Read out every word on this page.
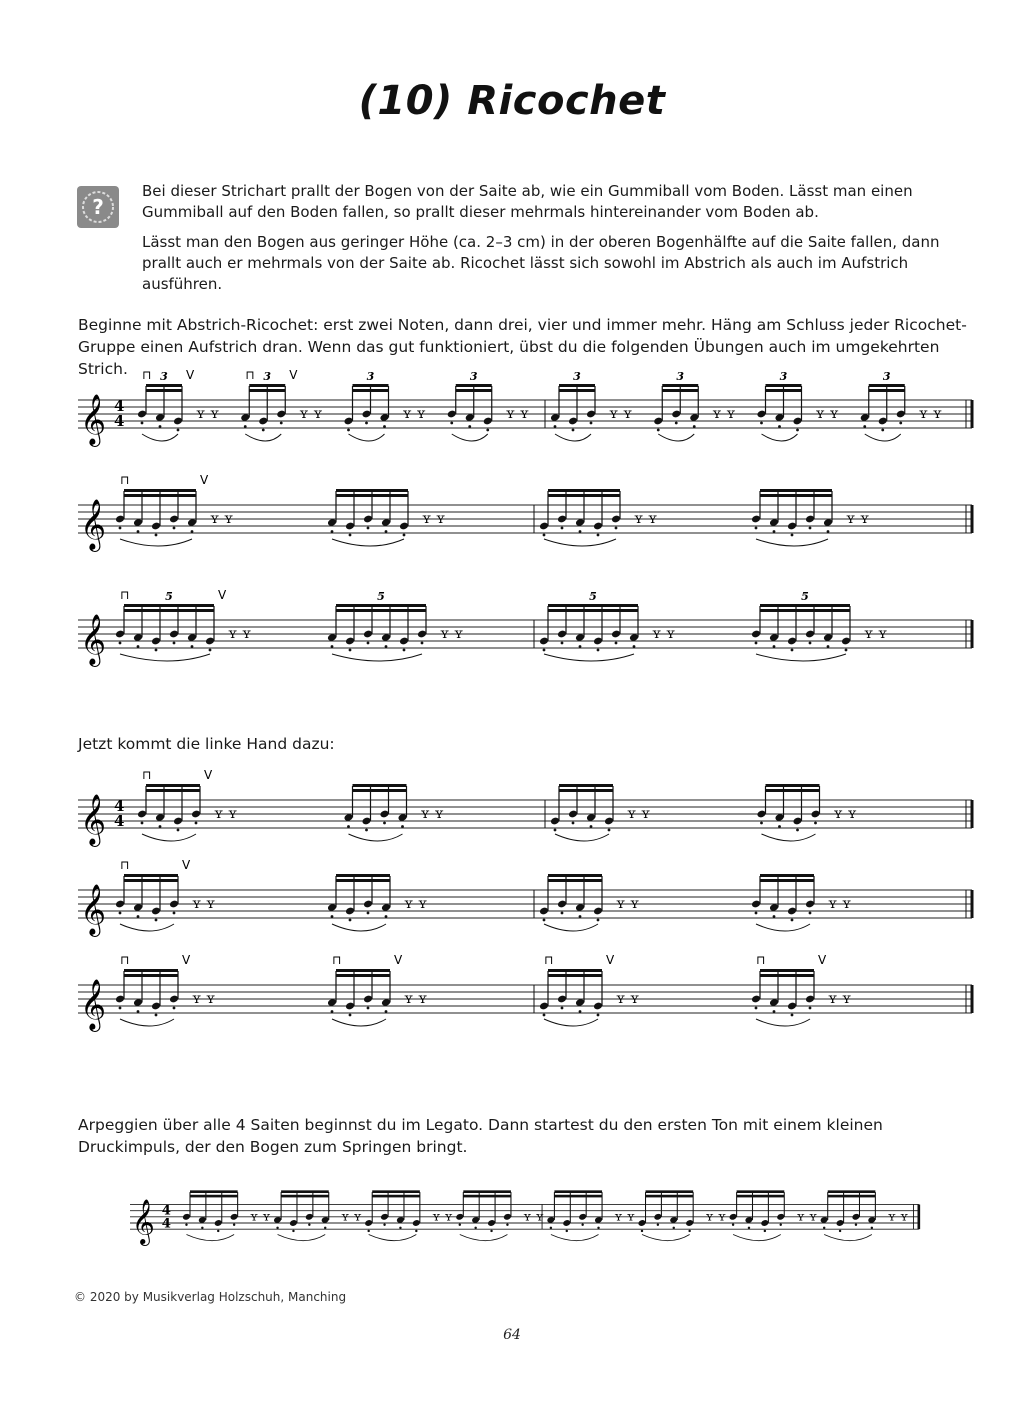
(10) Ricochet
?
Bei dieser Strichart prallt der Bogen von der Saite ab, wie ein Gummiball vom Boden. Lässt man einen Gummiball auf den Boden fallen, so prallt dieser mehrmals hintereinander vom Boden ab.
Lässt man den Bogen aus geringer Höhe (ca. 2–3 cm) in der oberen Bogenhälfte auf die Saite fallen, dann prallt auch er mehrmals von der Saite ab. Ricochet lässt sich sowohl im Abstrich als auch im Aufstrich ausführen.
Beginne mit Abstrich-Ricochet: erst zwei Noten, dann drei, vier und immer mehr. Häng am Schluss jeder Ricochet-Gruppe einen Aufstrich dran. Wenn das gut funktioniert, übst du die folgenden Übungen auch im umgekehrten Strich.
Jetzt kommt die linke Hand dazu:
Arpeggien über alle 4 Saiten beginnst du im Legato. Dann startest du den ersten Ton mit einem kleinen Druckimpuls, der den Bogen zum Springen bringt.
𝄞 4
4	ʏ ʏ
3
⊓	V
ʏ ʏ
3
⊓	V
ʏ ʏ
3
ʏ ʏ
3
ʏ ʏ
3
ʏ ʏ
3
ʏ ʏ
3
ʏ ʏ
3
𝄞	ʏ ʏ
⊓	V
ʏ ʏ	ʏ ʏ	ʏ ʏ
𝄞	ʏ ʏ
5
⊓	V
ʏ ʏ
5
ʏ ʏ
5
ʏ ʏ
5
𝄞 4
4	ʏ ʏ
⊓	V
ʏ ʏ	ʏ ʏ	ʏ ʏ
𝄞	ʏ ʏ
⊓	V
ʏ ʏ	ʏ ʏ	ʏ ʏ
𝄞	ʏ ʏ
⊓	V
ʏ ʏ
⊓	V
ʏ ʏ
⊓	V
ʏ ʏ
⊓	V
𝄞 4
4	ʏ ʏ	ʏ ʏ	ʏ ʏ	ʏ ʏ	ʏ ʏ	ʏ ʏ	ʏ ʏ	ʏ ʏ
© 2020 by Musikverlag Holzschuh, Manching
64
